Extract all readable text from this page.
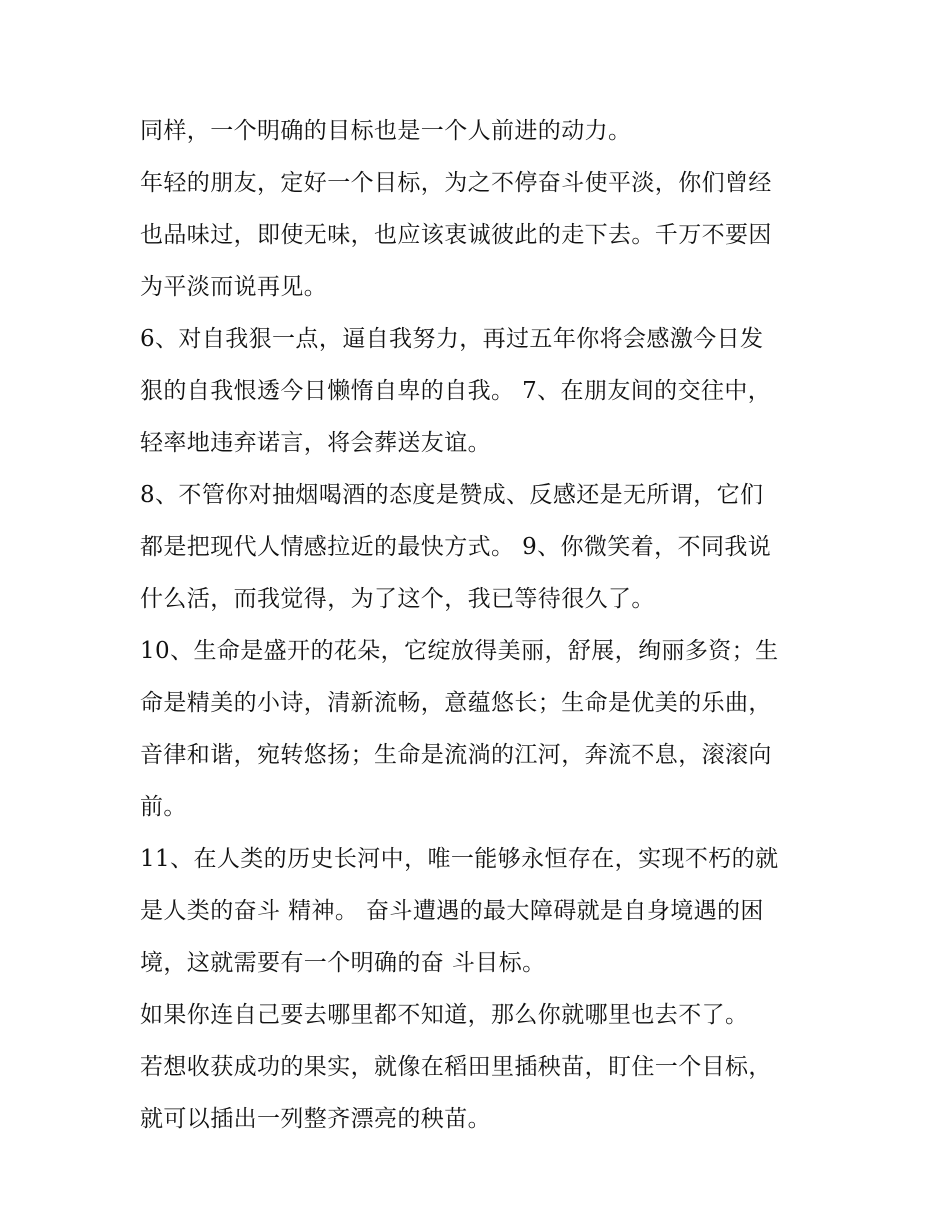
同样，一个明确的目标也是一个人前进的动力。

年轻的朋友，定好一个目标，为之不停奋斗使平淡，你们曾经
也品味过，即使无味，也应该衷诚彼此的走下去。千万不要因
为平淡而说再见。

6、对自我狠一点，逼自我努力，再过五年你将会感激今日发
狠的自我恨透今日懒惰自卑的自我。 7、在朋友间的交往中，
轻率地违弃诺言，将会葬送友谊。

8、不管你对抽烟喝酒的态度是赞成、反感还是无所谓，它们
都是把现代人情感拉近的最快方式。 9、你微笑着，不同我说
什么活，而我觉得，为了这个，我已等待很久了。

10、生命是盛开的花朵，它绽放得美丽，舒展，绚丽多资；生
命是精美的小诗，清新流畅，意蕴悠长；生命是优美的乐曲，
音律和谐，宛转悠扬；生命是流淌的江河，奔流不息，滚滚向
前。

11、在人类的历史长河中，唯一能够永恒存在，实现不朽的就
是人类的奋斗 精神。 奋斗遭遇的最大障碍就是自身境遇的困
境，这就需要有一个明确的奋 斗目标。

如果你连自己要去哪里都不知道，那么你就哪里也去不了。

若想收获成功的果实，就像在稻田里插秧苗，盯住一个目标，
就可以插出一列整齐漂亮的秧苗。
